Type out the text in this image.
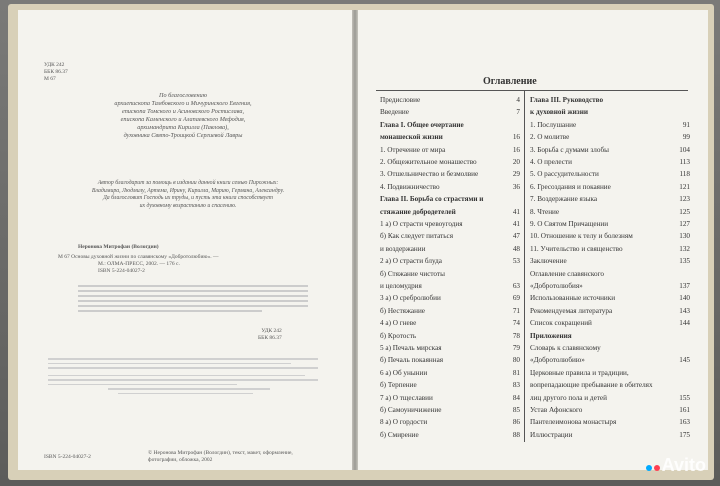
УДК 242
ББК 86.37
М 67
По благословению
архиепископа Тамбовского и Мичуринского Евгения,
епископа Томского и Асиновского Ростислава,
епископа Каменского и Алапаевского Мефодия,
архимандрита Кирилла (Павлова),
духовника Свято-Троицкой Сергиевой Лавры
Автор благодарит за помощь в издании данной книги семью Пирожных:
Владимира, Людмилу, Артема, Ирину, Кирилла, Марию, Германа, Александру.
Да благословит Господь их труды, и пусть эта книга способствует
их духовному возрастанию и спасению.
Неронова Митрофан (Вологдин)
М 67 Основы духовной жизни по славянскому «Добротолюбию». —
М.: ОЛМА-ПРЕСС, 2002. — 176 с.
ISBN 5-224-04027-2
УДК 242
ББК 86.37
ISBN 5-224-04027-2
© Неронова Митрофан (Вологдин), текст, макет, оформление,
фотографии, обложка, 2002
Оглавление
Предисловие	4
Введение	7
Глава I. Общее очертание
монашеской жизни	16
1. Отречение от мира	16
2. Общежительное монашество	20
3. Отшельничество и безмолвие	29
4. Подвижничество	36
Глава II. Борьба со страстями и
стяжание добродетелей	41
1 а) О страсти чревоугодия	41
б) Как следует питаться	47
и воздержании	48
2 а) О страсти блуда	53
б) Стяжание чистоты
и целомудрия	63
3 а) О сребролюбии	69
б) Нестяжание	71
4 а) О гневе	74
б) Кротость	78
5 а) Печаль мирская	79
б) Печаль покаянная	80
6 а) Об унынии	81
б) Терпение	83
7 а) О тщеславии	84
б) Самоуничижение	85
8 а) О гордости	86
б) Смирение	88
Глава III. Руководство
к духовной жизни
1. Послушание	91
2. О молитве	99
3. Борьба с думами злобы	104
4. О прелести	113
5. О рассудительности	118
6. Гресоздания и покаяние	121
7. Воздержание языка	123
8. Чтение	125
9. О Святом Причащении	127
10. Отношение к телу и болезням	130
11. Учительство и священство	132
Заключение	135
Оглавление славянского
«Добротолюбия»	137
Использованные источники	140
Рекомендуемая литература	143
Список сокращений	144
Приложения
Словарь к славянскому
«Добротолюбию»	145
Церковные правила и традиции,
вопрепадающие пребывание в обителях
лиц другого пола и детей	155
Устав Афонского	161
Пантелеимонова монастыря	163
Иллюстрации	175
Avito
